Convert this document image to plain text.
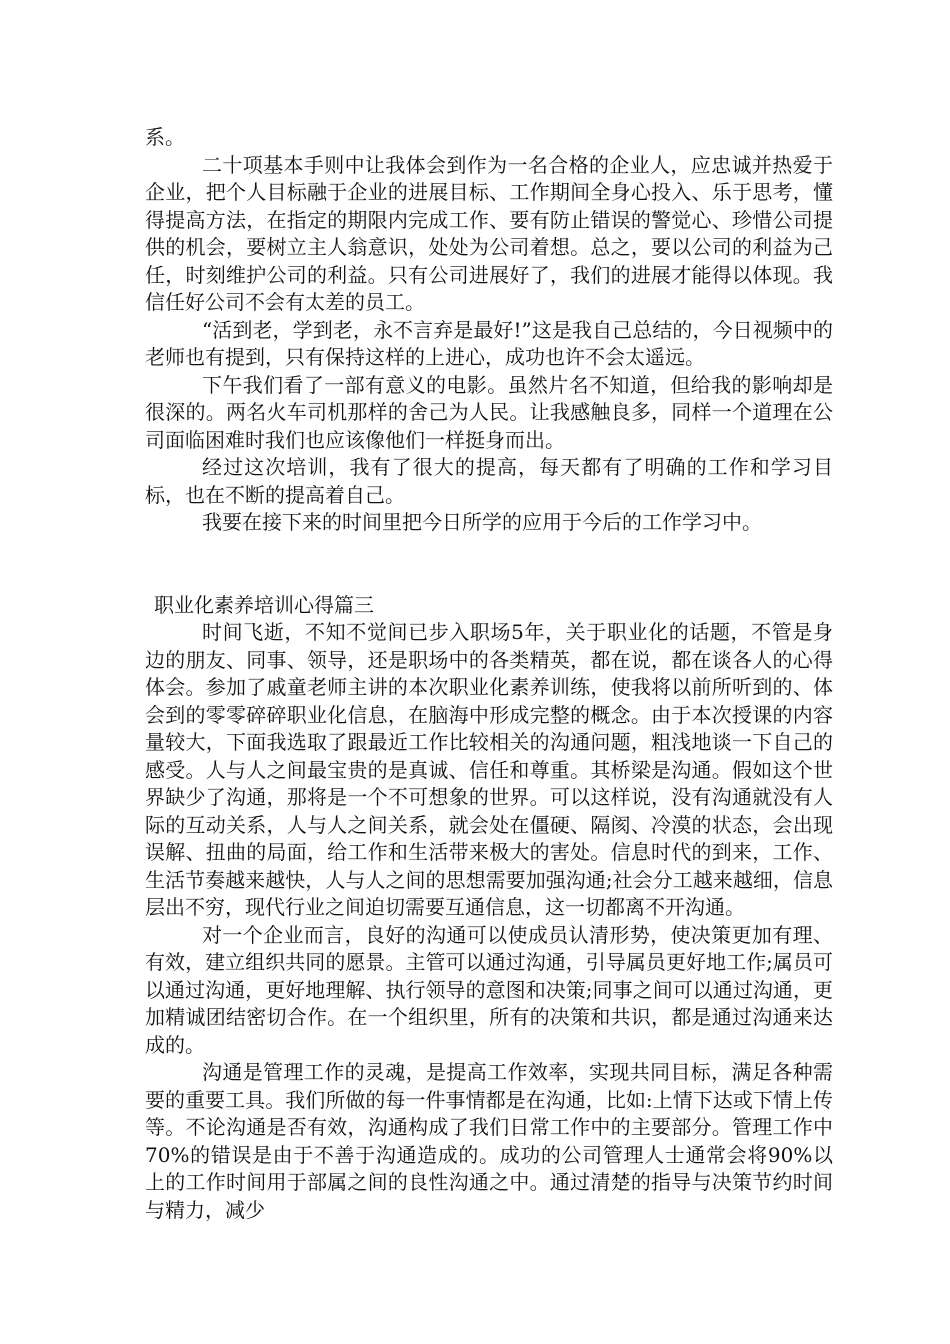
系。

二十项基本手则中让我体会到作为一名合格的企业人，应忠诚并热爱于企业，把个人目标融于企业的进展目标、工作期间全身心投入、乐于思考，懂得提高方法，在指定的期限内完成工作、要有防止错误的警觉心、珍惜公司提供的机会，要树立主人翁意识，处处为公司着想。总之，要以公司的利益为己任，时刻维护公司的利益。只有公司进展好了，我们的进展才能得以体现。我信任好公司不会有太差的员工。

“活到老，学到老，永不言弃是最好!”这是我自己总结的，今日视频中的老师也有提到，只有保持这样的上进心，成功也许不会太遥远。

下午我们看了一部有意义的电影。虽然片名不知道，但给我的影响却是很深的。两名火车司机那样的舍己为人民。让我感触良多，同样一个道理在公司面临困难时我们也应该像他们一样挺身而出。

经过这次培训，我有了很大的提高，每天都有了明确的工作和学习目标，也在不断的提高着自己。

我要在接下来的时间里把今日所学的应用于今后的工作学习中。

职业化素养培训心得篇三

时间飞逝，不知不觉间已步入职场5年，关于职业化的话题，不管是身边的朋友、同事、领导，还是职场中的各类精英，都在说，都在谈各人的心得体会。参加了戚童老师主讲的本次职业化素养训练，使我将以前所听到的、体会到的零零碎碎职业化信息，在脑海中形成完整的概念。由于本次授课的内容量较大，下面我选取了跟最近工作比较相关的沟通问题，粗浅地谈一下自己的感受。人与人之间最宝贵的是真诚、信任和尊重。其桥梁是沟通。假如这个世界缺少了沟通，那将是一个不可想象的世界。可以这样说，没有沟通就没有人际的互动关系，人与人之间关系，就会处在僵硬、隔阂、冷漠的状态，会出现误解、扭曲的局面，给工作和生活带来极大的害处。信息时代的到来，工作、生活节奏越来越快，人与人之间的思想需要加强沟通;社会分工越来越细，信息层出不穷，现代行业之间迫切需要互通信息，这一切都离不开沟通。

对一个企业而言，良好的沟通可以使成员认清形势，使决策更加有理、有效，建立组织共同的愿景。主管可以通过沟通，引导属员更好地工作;属员可以通过沟通，更好地理解、执行领导的意图和决策;同事之间可以通过沟通，更加精诚团结密切合作。在一个组织里，所有的决策和共识，都是通过沟通来达成的。

沟通是管理工作的灵魂，是提高工作效率，实现共同目标，满足各种需要的重要工具。我们所做的每一件事情都是在沟通，比如:上情下达或下情上传等。不论沟通是否有效，沟通构成了我们日常工作中的主要部分。管理工作中70%的错误是由于不善于沟通造成的。成功的公司管理人士通常会将90%以上的工作时间用于部属之间的良性沟通之中。通过清楚的指导与决策节约时间与精力，减少
